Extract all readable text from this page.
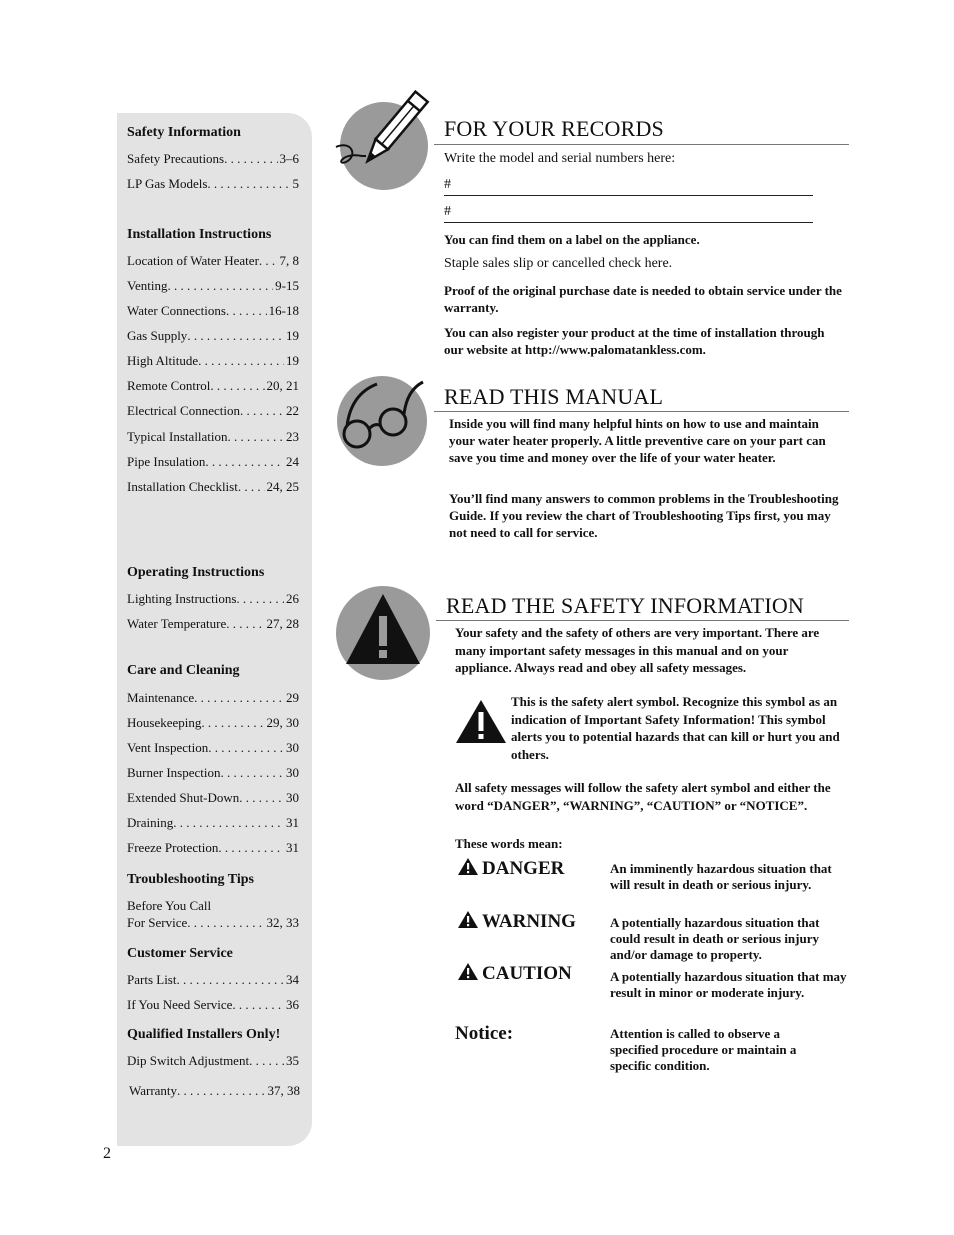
Safety Information
Safety Precautions . . .	3–6
LP Gas Models . . .	5
Installation Instructions
Location of Water Heater . . . 7, 8
Venting . . .	9-15
Water Connections . . .	16-18
Gas Supply . . .	19
High Altitude . . .	19
Remote Control . . .	20, 21
Electrical Connection . . .	22
Typical Installation . . .	23
Pipe Insulation . . .	24
Installation Checklist . . . 24, 25
Operating Instructions
Lighting Instructions . . .	26
Water Temperature . . .	27, 28
Care and Cleaning
Maintenance . . .	29
Housekeeping . . .	29, 30
Vent Inspection . . .	30
Burner Inspection . . .	30
Extended Shut-Down . . .	30
Draining . . .	31
Freeze Protection . . .	31
Troubleshooting Tips
Before You Call
For Service . . .	32, 33
Customer Service
Parts List . . .	34
If You Need Service . . .	36
Qualified Installers Only!
Dip Switch Adjustment . . .	35
Warranty . . .	37, 38
2
FOR YOUR RECORDS
Write the model and serial numbers here:
#
#
You can find them on a label on the appliance.
Staple sales slip or cancelled check here.
Proof of the original purchase date is needed to obtain service under the warranty.
You can also register your product at the time of installation through our website at http://www.palomatankless.com.
READ THIS MANUAL
Inside you will find many helpful hints on how to use and maintain your water heater properly. A little preventive care on your part can save you time and money over the life of your water heater.
You’ll find many answers to common problems in the Troubleshooting Guide. If you review the chart of Troubleshooting Tips first, you may not need to call for service.
READ THE SAFETY INFORMATION
Your safety and the safety of others are very important. There are many important safety messages in this manual and on your appliance. Always read and obey all safety messages.
This is the safety alert symbol. Recognize this symbol as an indication of Important Safety Information! This symbol alerts you to potential hazards that can kill or hurt you and others.
All safety messages will follow the safety alert symbol and either the word “DANGER”, “WARNING”, “CAUTION” or “NOTICE”.
These words mean:
DANGER	An imminently hazardous situation that will result in death or serious injury.
WARNING	A potentially hazardous situation that could result in death or serious injury and/or damage to property.
CAUTION	A potentially hazardous situation that may result in minor or moderate injury.
Notice:	Attention is called to observe a specified procedure or maintain a specific condition.
